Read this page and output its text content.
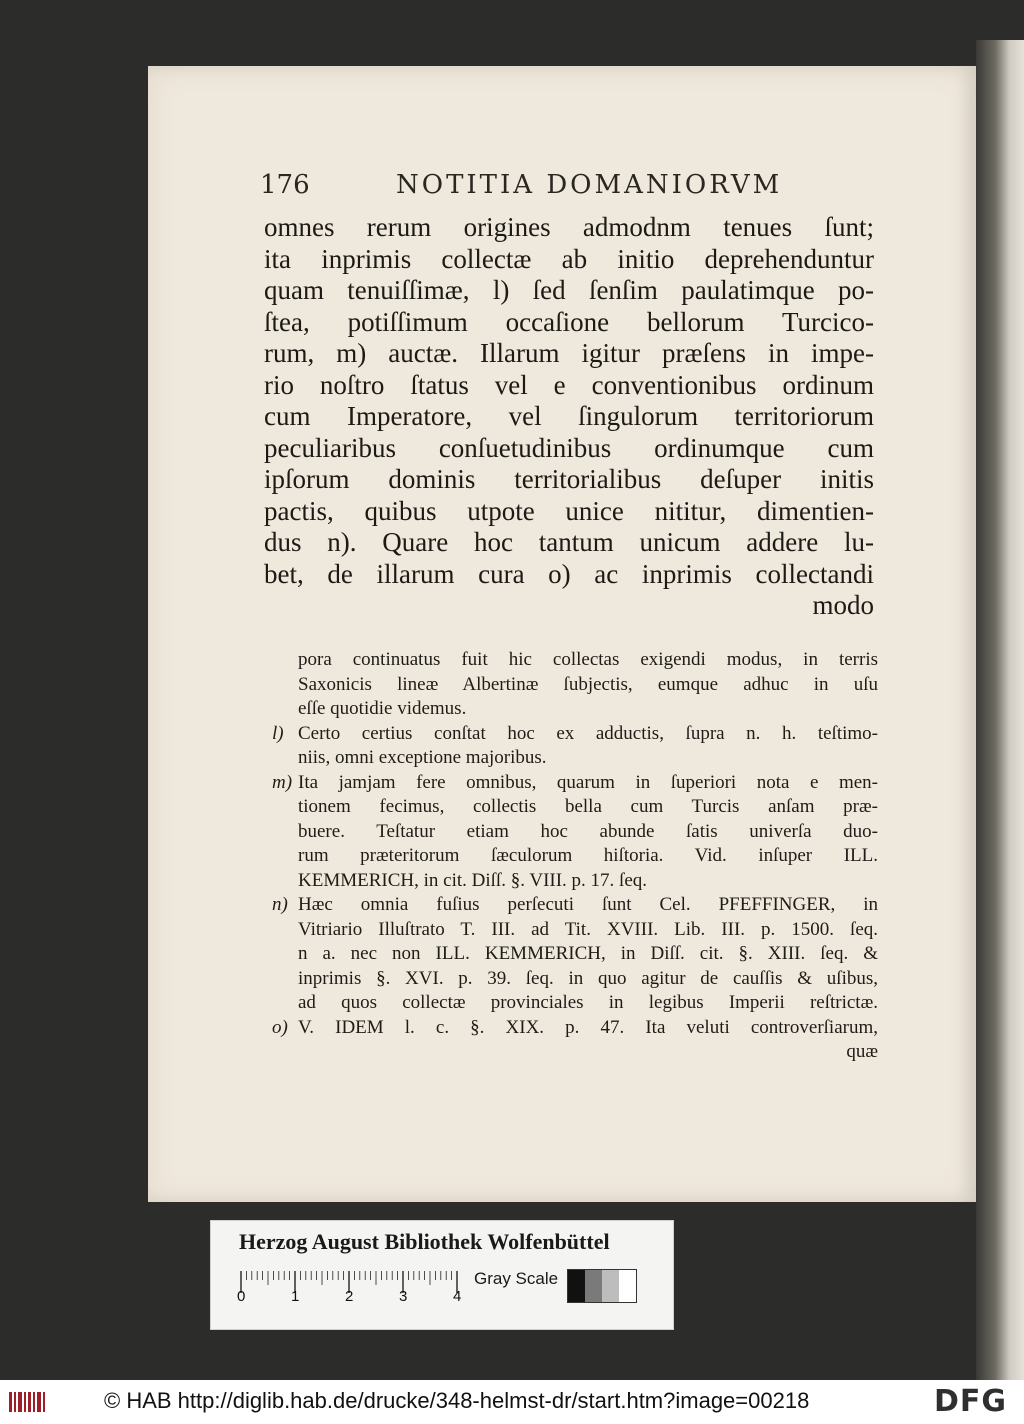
176	NOTITIA DOMANIORVM
omnes rerum origines admodnm tenues ſunt;
ita inprimis collectæ ab initio deprehenduntur
quam tenuiſſimæ, l) ſed ſenſim paulatimque po-
ſtea, potiſſimum occaſione bellorum Turcico-
rum, m) auctæ. Illarum igitur præſens in impe-
rio noſtro ſtatus vel e conventionibus ordinum
cum Imperatore, vel ſingulorum territoriorum
peculiaribus conſuetudinibus ordinumque cum
ipſorum dominis territorialibus deſuper initis
pactis, quibus utpote unice nititur, dimentien-
dus n). Quare hoc tantum unicum addere lu-
bet, de illarum cura o) ac inprimis collectandi
modo
pora continuatus fuit hic collectas exigendi modus, in terris
Saxonicis lineæ Albertinæ ſubjectis, eumque adhuc in uſu
eſſe quotidie videmus.
l) Certo certius conſtat hoc ex adductis, ſupra n. h. teſtimo-
niis, omni exceptione majoribus.
m) Ita jamjam fere omnibus, quarum in ſuperiori nota e men-
tionem fecimus, collectis bella cum Turcis anſam præ-
buere. Teſtatur etiam hoc abunde ſatis univerſa duo-
rum præteritorum ſæculorum hiſtoria. Vid. inſuper ILL.
KEMMERICH, in cit. Diſſ. §. VIII. p. 17. ſeq.
n) Hæc omnia fuſius perſecuti ſunt Cel. PFEFFINGER, in
Vitriario Illuſtrato T. III. ad Tit. XVIII. Lib. III. p. 1500. ſeq.
n a. nec non ILL. KEMMERICH, in Diſſ. cit. §. XIII. ſeq. &
inprimis §. XVI. p. 39. ſeq. in quo agitur de cauſſis & uſibus,
ad quos collectæ provinciales in legibus Imperii reſtrictæ.
o) V. IDEM l. c. §. XIX. p. 47. Ita veluti controverſiarum,
quæ
Herzog August Bibliothek Wolfenbüttel
0	1	2	3	4
Gray Scale
© HAB http://diglib.hab.de/drucke/348-helmst-dr/start.htm?image=00218	DFG
